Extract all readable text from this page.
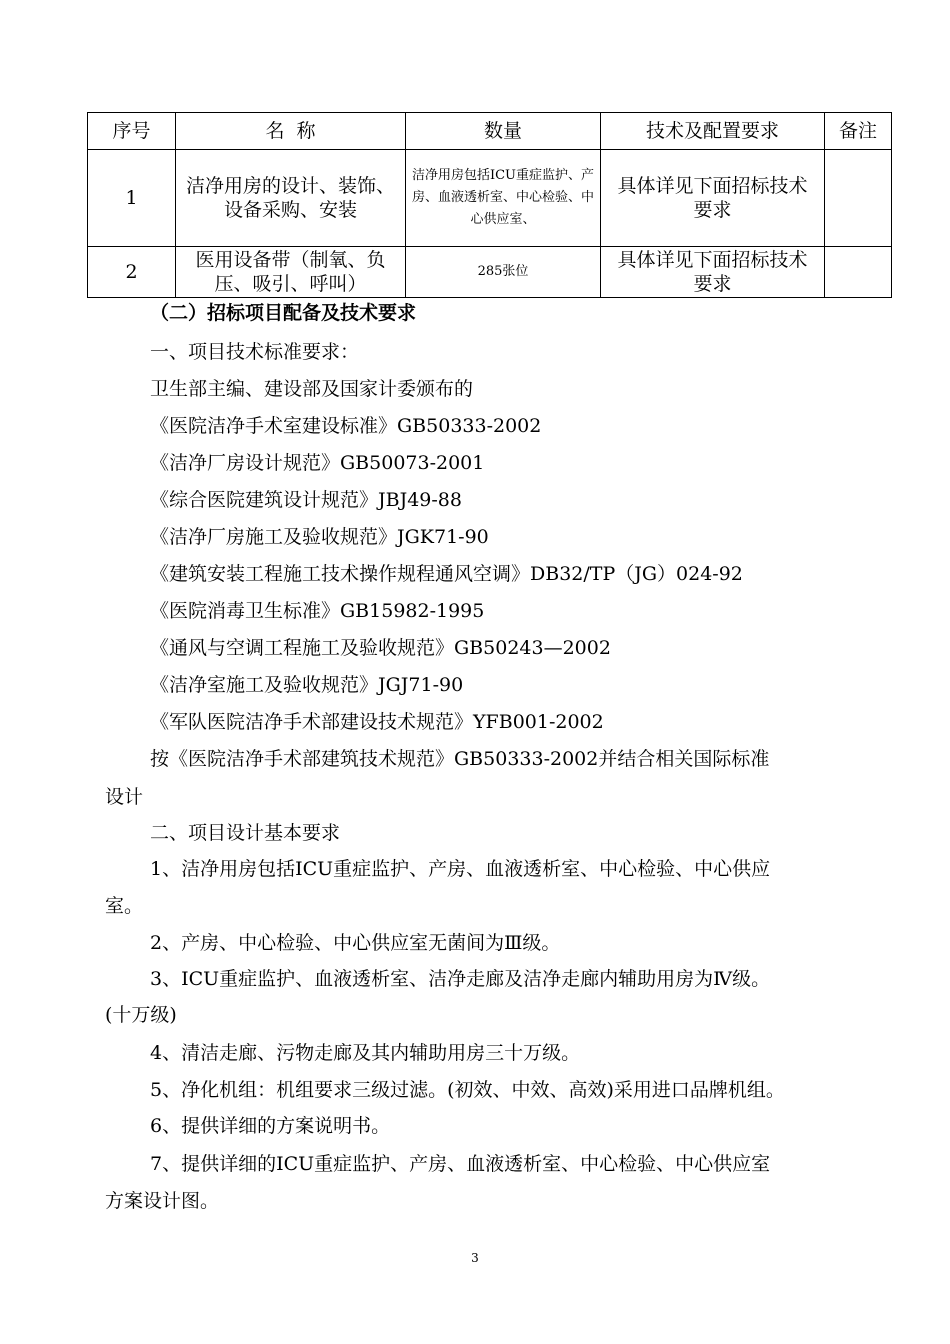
序号	名  称	数量	技术及配置要求	备注
1	洁净用房的设计、装饰、设备采购、安装	洁净用房包括ICU重症监护、产房、血液透析室、中心检验、中心供应室、	具体详见下面招标技术要求	
2	医用设备带（制氧、负压、吸引、呼叫）	285张位	具体详见下面招标技术要求	
（二）招标项目配备及技术要求
一、项目技术标准要求：
卫生部主编、建设部及国家计委颁布的
《医院洁净手术室建设标准》GB50333-2002
《洁净厂房设计规范》GB50073-2001
《综合医院建筑设计规范》JBJ49-88
《洁净厂房施工及验收规范》JGK71-90
《建筑安装工程施工技术操作规程通风空调》DB32/TP（JG）024-92
《医院消毒卫生标准》GB15982-1995
《通风与空调工程施工及验收规范》GB50243—2002
《洁净室施工及验收规范》JGJ71-90
《军队医院洁净手术部建设技术规范》YFB001-2002
按《医院洁净手术部建筑技术规范》GB50333-2002并结合相关国际标准
设计
二、项目设计基本要求
1、洁净用房包括ICU重症监护、产房、血液透析室、中心检验、中心供应
室。
2、产房、中心检验、中心供应室无菌间为Ⅲ级。
3、ICU重症监护、血液透析室、洁净走廊及洁净走廊内辅助用房为Ⅳ级。
(十万级)
4、清洁走廊、污物走廊及其内辅助用房三十万级。
5、净化机组：机组要求三级过滤。(初效、中效、高效)采用进口品牌机组。
6、提供详细的方案说明书。
7、提供详细的ICU重症监护、产房、血液透析室、中心检验、中心供应室
方案设计图。
3
